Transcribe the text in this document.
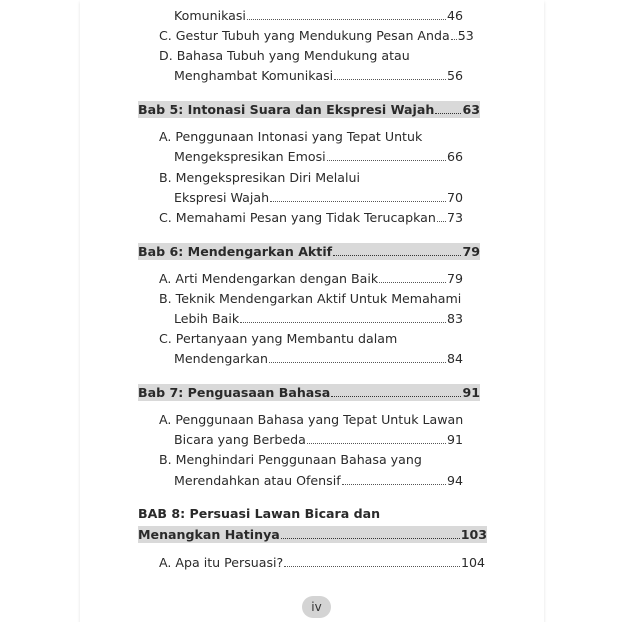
Komunikasi	46
C. Gestur Tubuh yang Mendukung Pesan Anda 53
D. Bahasa Tubuh yang Mendukung atau
Menghambat Komunikasi	56
Bab 5: Intonasi Suara dan Ekspresi Wajah 63
A. Penggunaan Intonasi yang Tepat Untuk
Mengekspresikan Emosi	66
B. Mengekspresikan Diri Melalui
Ekspresi Wajah	70
C. Memahami Pesan yang Tidak Terucapkan 73
Bab 6: Mendengarkan Aktif	79
A. Arti Mendengarkan dengan Baik	79
B. Teknik Mendengarkan Aktif Untuk Memahami
Lebih Baik	83
C. Pertanyaan yang Membantu dalam
Mendengarkan	84
Bab 7: Penguasaan Bahasa	91
A. Penggunaan Bahasa yang Tepat Untuk Lawan
Bicara yang Berbeda	91
B. Menghindari Penggunaan Bahasa yang
Merendahkan atau Ofensif	94
BAB 8: Persuasi Lawan Bicara dan
Menangkan Hatinya	103
A. Apa itu Persuasi?	104
iv
